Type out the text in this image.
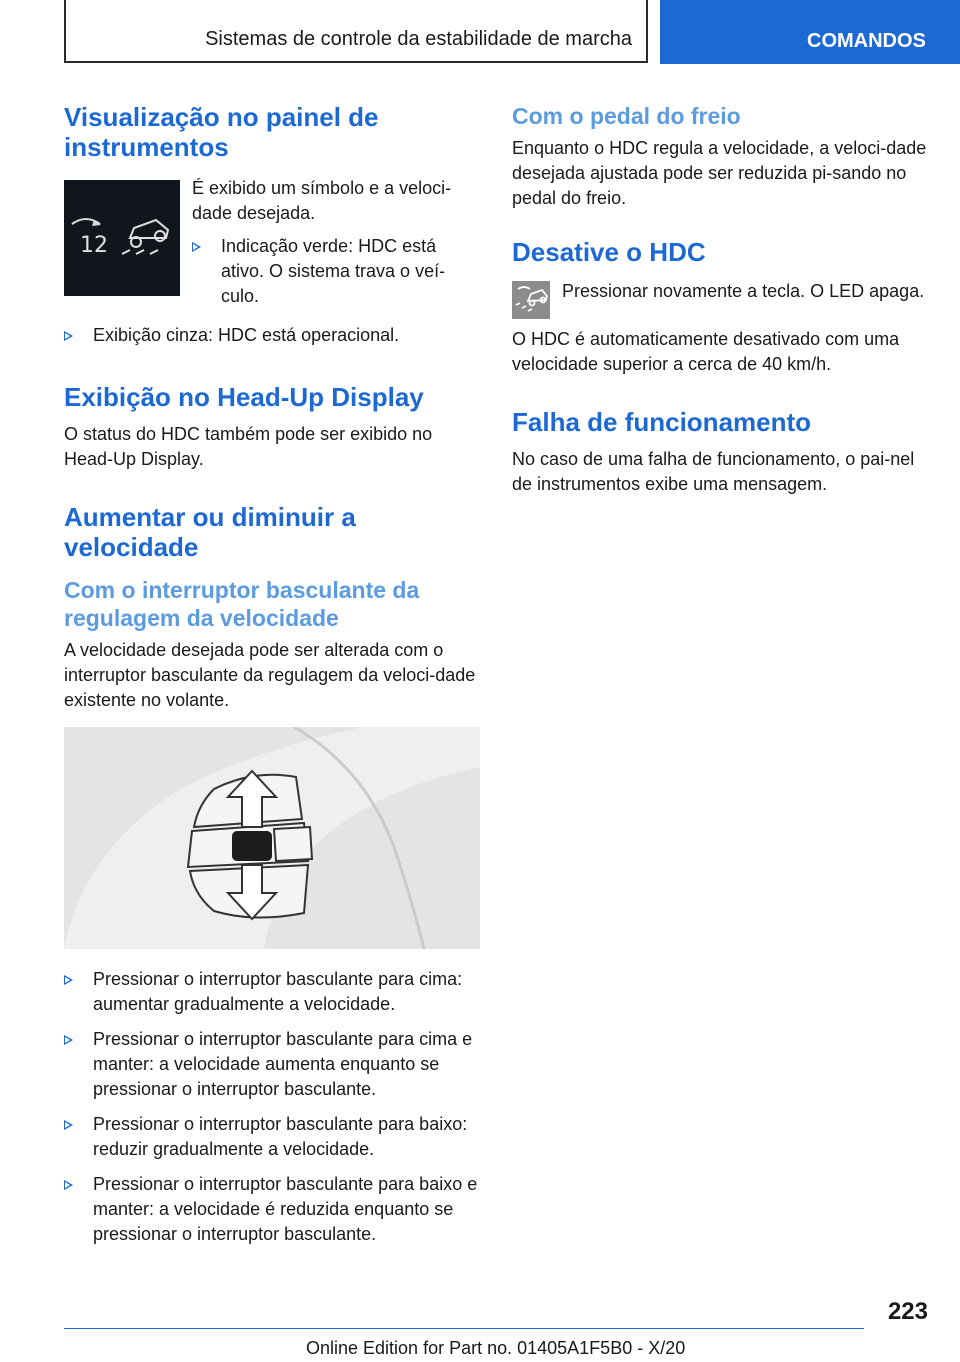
Sistemas de controle da estabilidade de marcha	COMANDOS
Visualização no painel de instrumentos
12

É exibido um símbolo e a veloci-dade desejada.

Indicação verde: HDC está ativo. O sistema trava o veí-culo.
Exibição cinza: HDC está operacional.
Exibição no Head-Up Display

O status do HDC também pode ser exibido no Head-Up Display.

Aumentar ou diminuir a velocidade
Com o interruptor basculante da regulagem da velocidade

A velocidade desejada pode ser alterada com o interruptor basculante da regulagem da veloci-dade existente no volante.

Pressionar o interruptor basculante para cima: aumentar gradualmente a velocidade.
Pressionar o interruptor basculante para cima e manter: a velocidade aumenta enquanto se pressionar o interruptor basculante.
Pressionar o interruptor basculante para baixo: reduzir gradualmente a velocidade.
Pressionar o interruptor basculante para baixo e manter: a velocidade é reduzida enquanto se pressionar o interruptor basculante.
Com o pedal do freio

Enquanto o HDC regula a velocidade, a veloci-dade desejada ajustada pode ser reduzida pi-sando no pedal do freio.

Desative o HDC

Pressionar novamente a tecla. O LED apaga.

O HDC é automaticamente desativado com uma velocidade superior a cerca de 40 km/h.

Falha de funcionamento

No caso de uma falha de funcionamento, o pai-nel de instrumentos exibe uma mensagem.

223
Online Edition for Part no. 01405A1F5B0 - X/20
